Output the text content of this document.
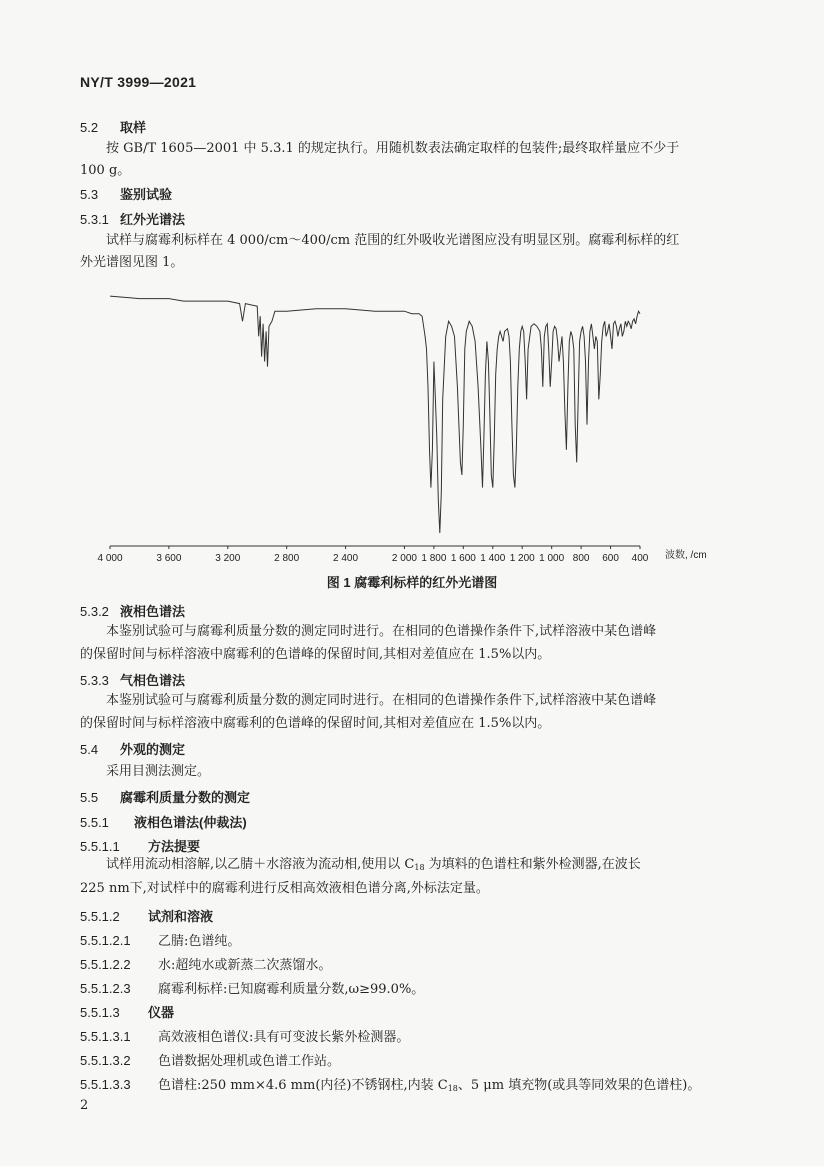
NY/T 3999—2021
5.2 取样
按 GB/T 1605—2001 中 5.3.1 的规定执行。用随机数表法确定取样的包装件;最终取样量应不少于
100 g。
5.3 鉴别试验
5.3.1 红外光谱法
试样与腐霉利标样在 4 000/cm～400/cm 范围的红外吸收光谱图应没有明显区别。腐霉利标样的红
外光谱图见图 1。
4 000	3 600	3 200	2 800	2 400	2 000 1 800 1 600 1 400 1 200 1 000 800 600 400 波数, /cm
图 1 腐霉利标样的红外光谱图
5.3.2 液相色谱法
本鉴别试验可与腐霉利质量分数的测定同时进行。在相同的色谱操作条件下,试样溶液中某色谱峰
的保留时间与标样溶液中腐霉利的色谱峰的保留时间,其相对差值应在 1.5%以内。
5.3.3 气相色谱法
本鉴别试验可与腐霉利质量分数的测定同时进行。在相同的色谱操作条件下,试样溶液中某色谱峰
的保留时间与标样溶液中腐霉利的色谱峰的保留时间,其相对差值应在 1.5%以内。
5.4 外观的测定
采用目测法测定。
5.5 腐霉利质量分数的测定
5.5.1 液相色谱法(仲裁法)
5.5.1.1 方法提要
试样用流动相溶解,以乙腈＋水溶液为流动相,使用以 $C_{18}$ 为填料的色谱柱和紫外检测器,在波长
225 nm下,对试样中的腐霉利进行反相高效液相色谱分离,外标法定量。
5.5.1.2 试剂和溶液
5.5.1.2.1 乙腈:色谱纯。
5.5.1.2.2 水:超纯水或新蒸二次蒸馏水。
5.5.1.2.3 腐霉利标样:已知腐霉利质量分数,ω≥99.0%。
5.5.1.3 仪器
5.5.1.3.1 高效液相色谱仪:具有可变波长紫外检测器。
5.5.1.3.2 色谱数据处理机或色谱工作站。
5.5.1.3.3 色谱柱:250 mm×4.6 mm(内径)不锈钢柱,内装 $C_{18}$、5 μm 填充物(或具等同效果的色谱柱)。
2
